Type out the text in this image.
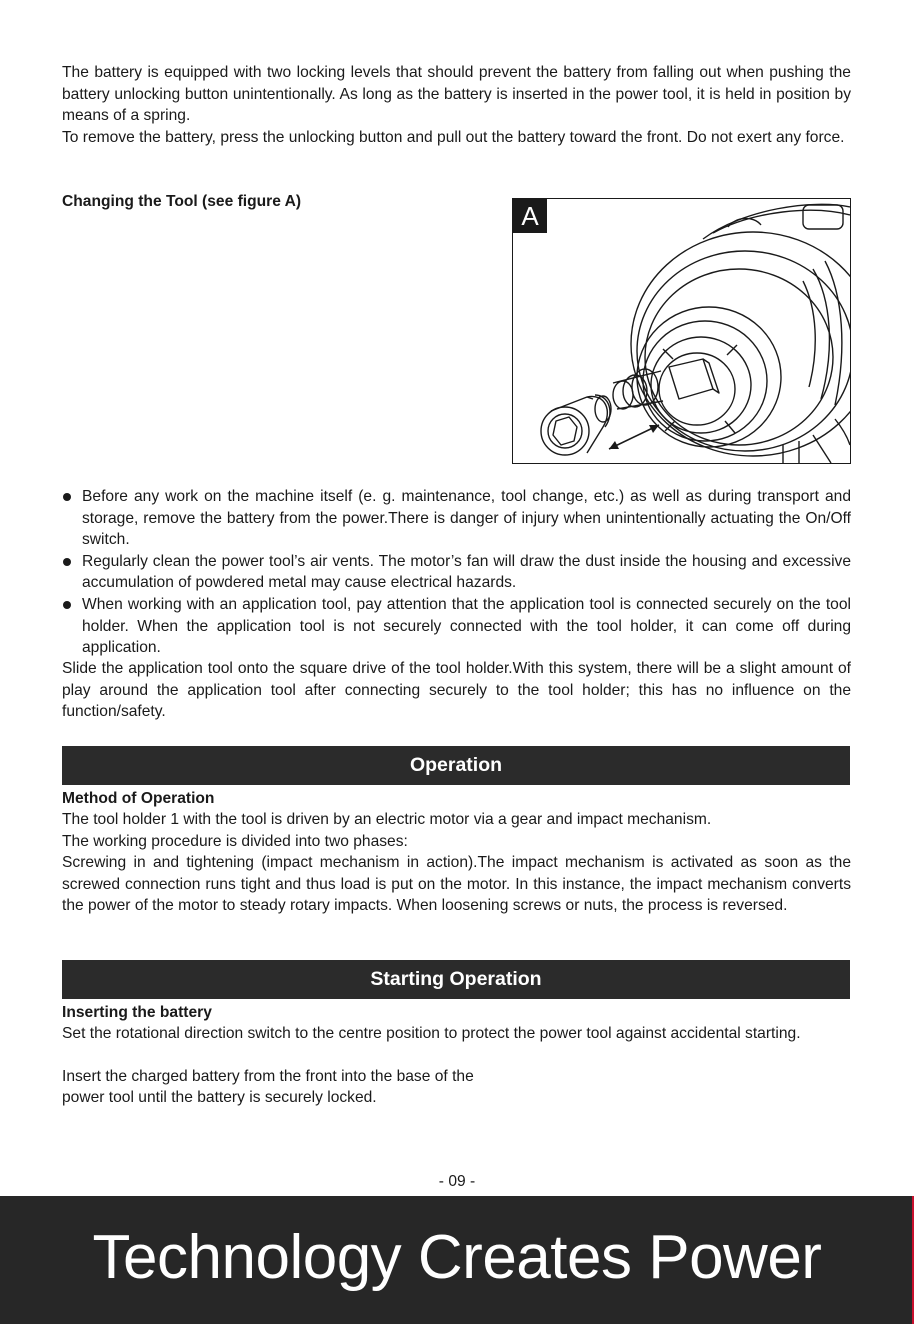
The battery is equipped with two locking levels that should prevent the battery from falling out when pushing the battery unlocking button unintentionally. As long as the battery is inserted in the power tool, it is held in position by means of a spring.

To remove the battery, press the unlocking button and pull out the battery toward the front. Do not exert any force.

Changing the Tool (see figure A)	A
Before any work on the machine itself (e. g. maintenance, tool change, etc.) as well as during transport and storage, remove the battery from the power.There is danger of injury when unintentionally actuating the On/Off switch.
Regularly clean the power tool’s air vents. The motor’s fan will draw the dust inside the housing and excessive accumulation of powdered metal may cause electrical hazards.
When working with an application tool, pay attention that the application tool is connected securely on the tool holder. When the application tool is not securely connected with the tool holder, it can come off during application.

Slide the application tool onto the square drive of the tool holder.With this system, there will be a slight amount of play around the application tool after connecting securely to the tool holder; this has no influence on the function/safety.

Operation

Method of Operation

The tool holder 1 with the tool is driven by an electric motor via a gear and impact mechanism.

The working procedure is divided into two phases:

Screwing in and tightening (impact mechanism in action).The impact mechanism is activated as soon as the screwed connection runs tight and thus load is put on the motor. In this instance, the impact mechanism converts the power of the motor to steady rotary impacts. When loosening screws or nuts, the process is reversed.

Starting Operation

Inserting the battery

Set the rotational direction switch to the centre position to protect the power tool against accidental starting.

Insert the charged battery from the front into the base of the

power tool until the battery is securely locked.

- 09 -
Technology Creates Power
